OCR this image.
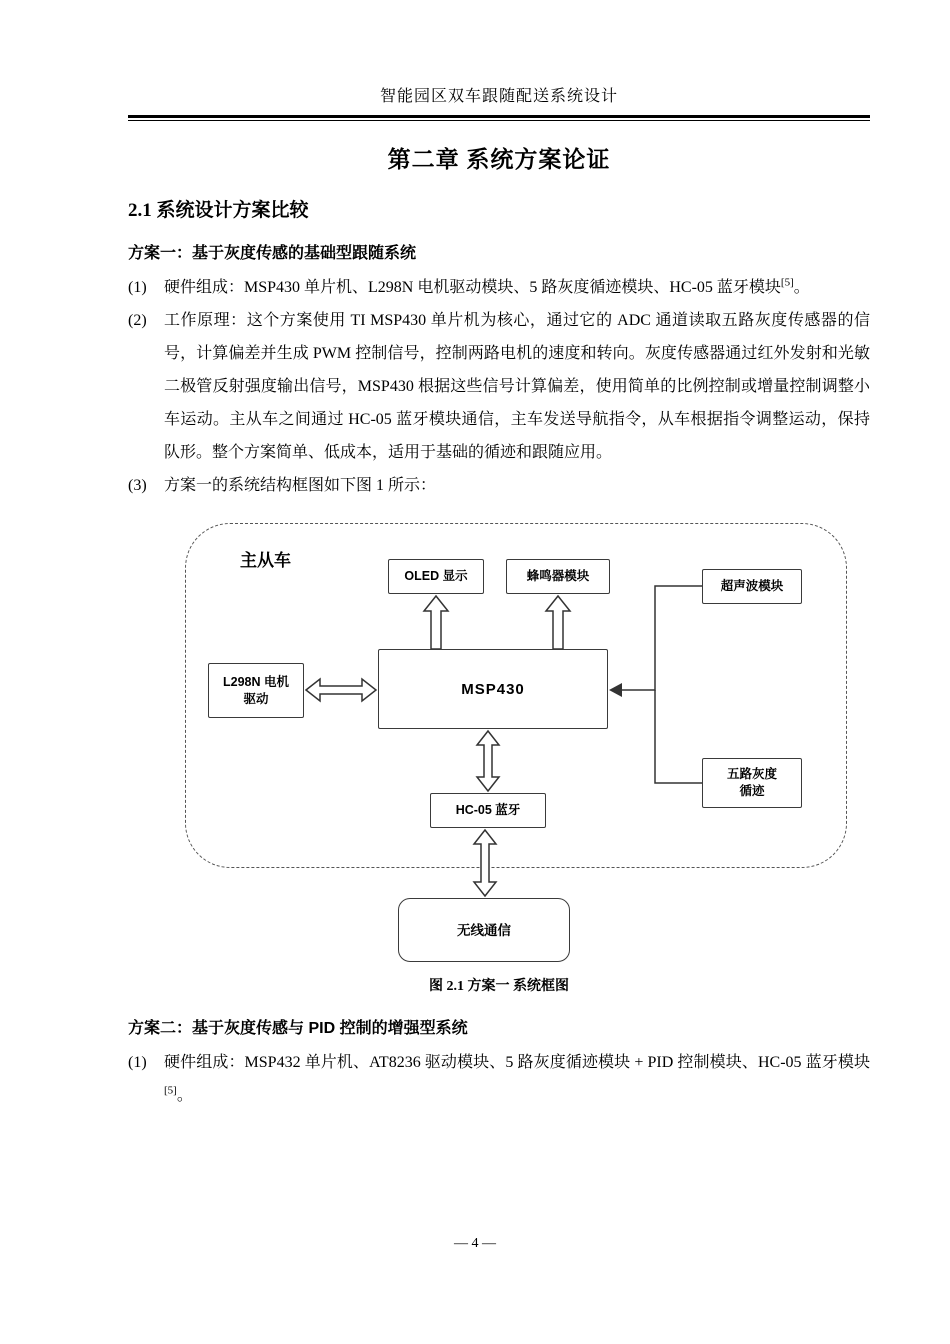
智能园区双车跟随配送系统设计
第二章 系统方案论证
2.1 系统设计方案比较
方案一：基于灰度传感的基础型跟随系统
(1)	硬件组成：MSP430 单片机、L298N 电机驱动模块、5 路灰度循迹模块、HC-05 蓝牙模块[5]。
(2)	工作原理：这个方案使用 TI MSP430 单片机为核心，通过它的 ADC 通道读取五路灰度传感器的信号，计算偏差并生成 PWM 控制信号，控制两路电机的速度和转向。灰度传感器通过红外发射和光敏二极管反射强度输出信号，MSP430 根据这些信号计算偏差，使用简单的比例控制或增量控制调整小车运动。主从车之间通过 HC-05 蓝牙模块通信，主车发送导航指令，从车根据指令调整运动，保持队形。整个方案简单、低成本，适用于基础的循迹和跟随应用。
(3)	方案一的系统结构框图如下图 1 所示：
主从车
OLED 显示	蜂鸣器模块
超声波模块
L298N 电机
驱动
MSP430
五路灰度
循迹
HC-05 蓝牙
无线通信
图 2.1 方案一 系统框图
方案二：基于灰度传感与 PID 控制的增强型系统
(1)	硬件组成：MSP432 单片机、AT8236 驱动模块、5 路灰度循迹模块 + PID 控制模块、HC-05 蓝牙模块[5]。
— 4 —
